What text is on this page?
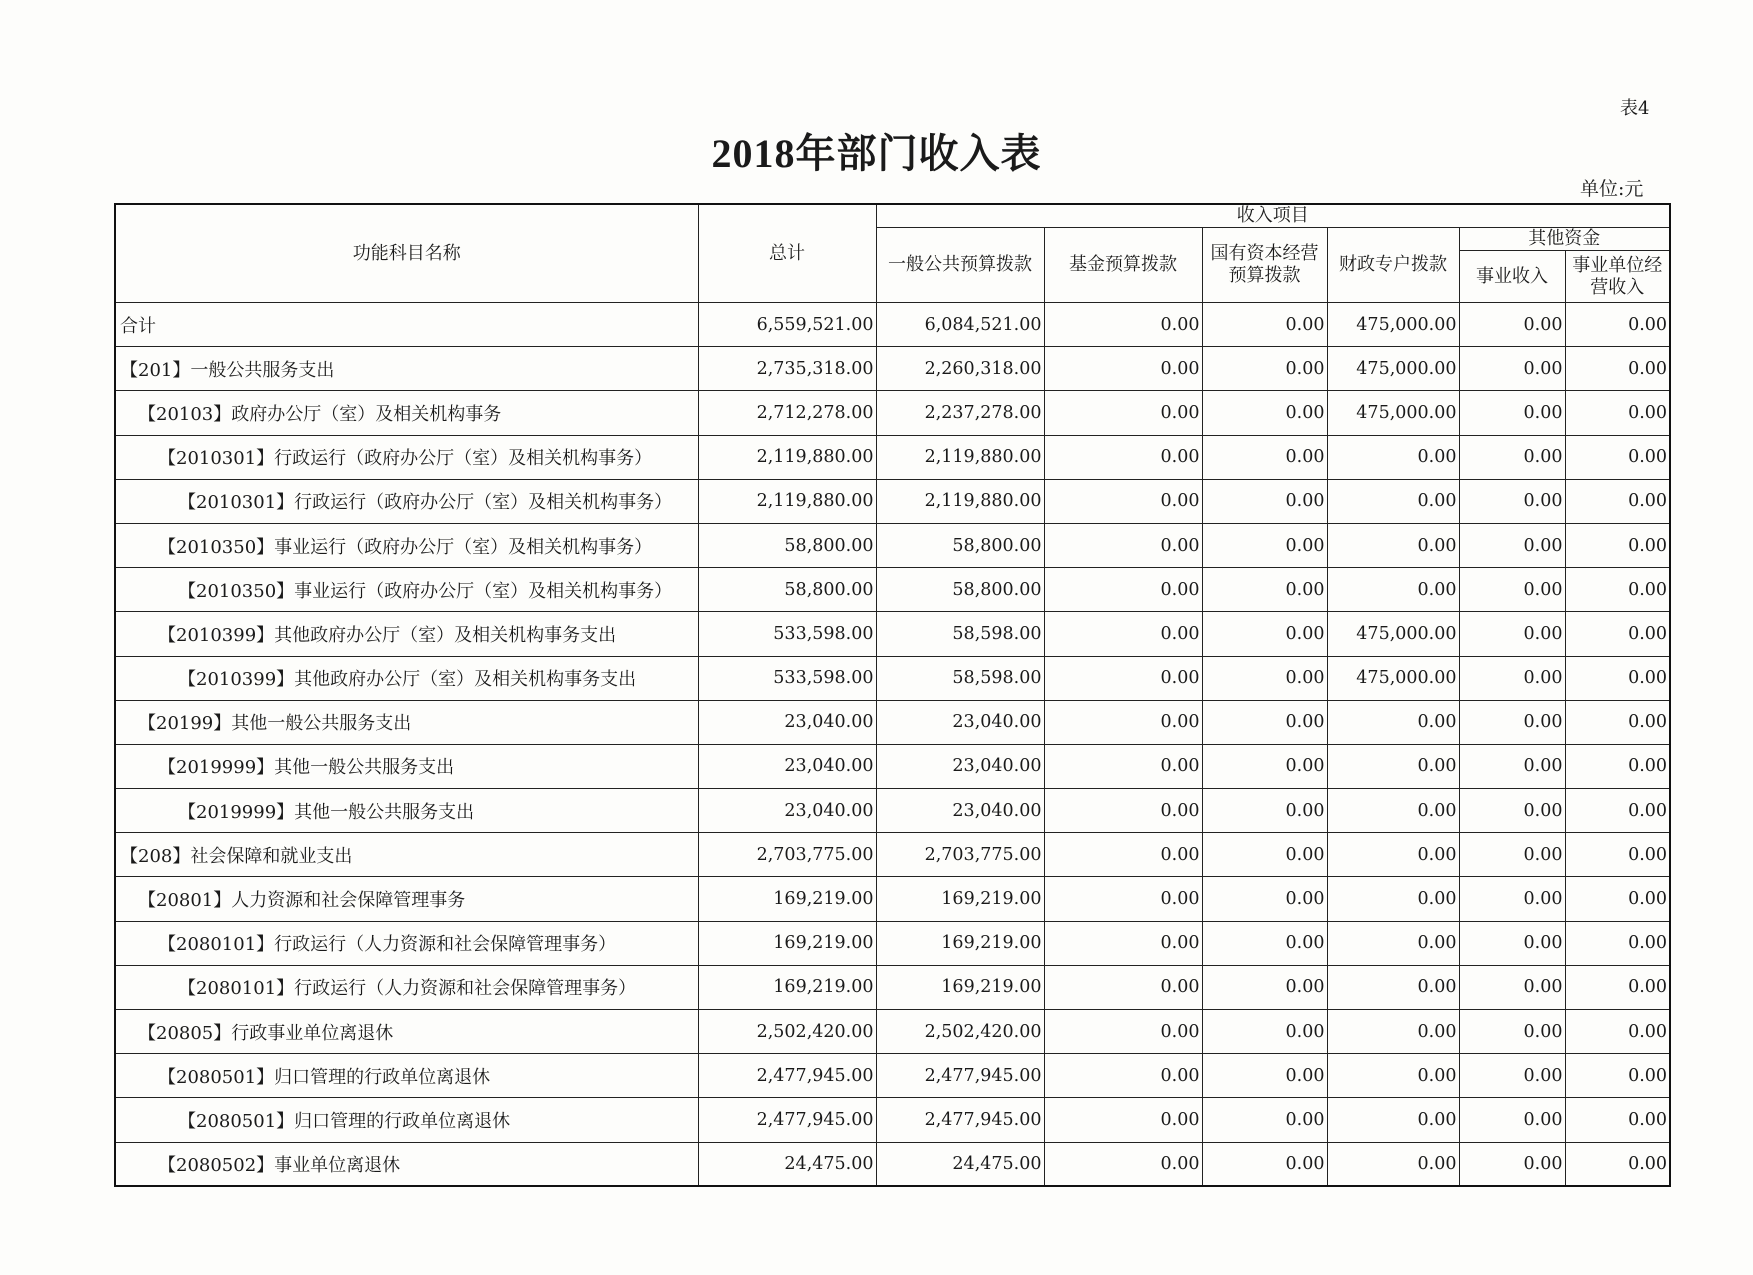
表4
2018年部门收入表
单位:元
功能科目名称	总计	收入项目					
		一般公共预算拨款	基金预算拨款	国有资本经营预算拨款	财政专户拨款	其他资金	
						事业收入	事业单位经营收入
合计	6,559,521.00	6,084,521.00	0.00	0.00	475,000.00	0.00	0.00
【201】一般公共服务支出	2,735,318.00	2,260,318.00	0.00	0.00	475,000.00	0.00	0.00
【20103】政府办公厅（室）及相关机构事务	2,712,278.00	2,237,278.00	0.00	0.00	475,000.00	0.00	0.00
【2010301】行政运行（政府办公厅（室）及相关机构事务）	2,119,880.00	2,119,880.00	0.00	0.00	0.00	0.00	0.00
【2010301】行政运行（政府办公厅（室）及相关机构事务）	2,119,880.00	2,119,880.00	0.00	0.00	0.00	0.00	0.00
【2010350】事业运行（政府办公厅（室）及相关机构事务）	58,800.00	58,800.00	0.00	0.00	0.00	0.00	0.00
【2010350】事业运行（政府办公厅（室）及相关机构事务）	58,800.00	58,800.00	0.00	0.00	0.00	0.00	0.00
【2010399】其他政府办公厅（室）及相关机构事务支出	533,598.00	58,598.00	0.00	0.00	475,000.00	0.00	0.00
【2010399】其他政府办公厅（室）及相关机构事务支出	533,598.00	58,598.00	0.00	0.00	475,000.00	0.00	0.00
【20199】其他一般公共服务支出	23,040.00	23,040.00	0.00	0.00	0.00	0.00	0.00
【2019999】其他一般公共服务支出	23,040.00	23,040.00	0.00	0.00	0.00	0.00	0.00
【2019999】其他一般公共服务支出	23,040.00	23,040.00	0.00	0.00	0.00	0.00	0.00
【208】社会保障和就业支出	2,703,775.00	2,703,775.00	0.00	0.00	0.00	0.00	0.00
【20801】人力资源和社会保障管理事务	169,219.00	169,219.00	0.00	0.00	0.00	0.00	0.00
【2080101】行政运行（人力资源和社会保障管理事务）	169,219.00	169,219.00	0.00	0.00	0.00	0.00	0.00
【2080101】行政运行（人力资源和社会保障管理事务）	169,219.00	169,219.00	0.00	0.00	0.00	0.00	0.00
【20805】行政事业单位离退休	2,502,420.00	2,502,420.00	0.00	0.00	0.00	0.00	0.00
【2080501】归口管理的行政单位离退休	2,477,945.00	2,477,945.00	0.00	0.00	0.00	0.00	0.00
【2080501】归口管理的行政单位离退休	2,477,945.00	2,477,945.00	0.00	0.00	0.00	0.00	0.00
【2080502】事业单位离退休	24,475.00	24,475.00	0.00	0.00	0.00	0.00	0.00
